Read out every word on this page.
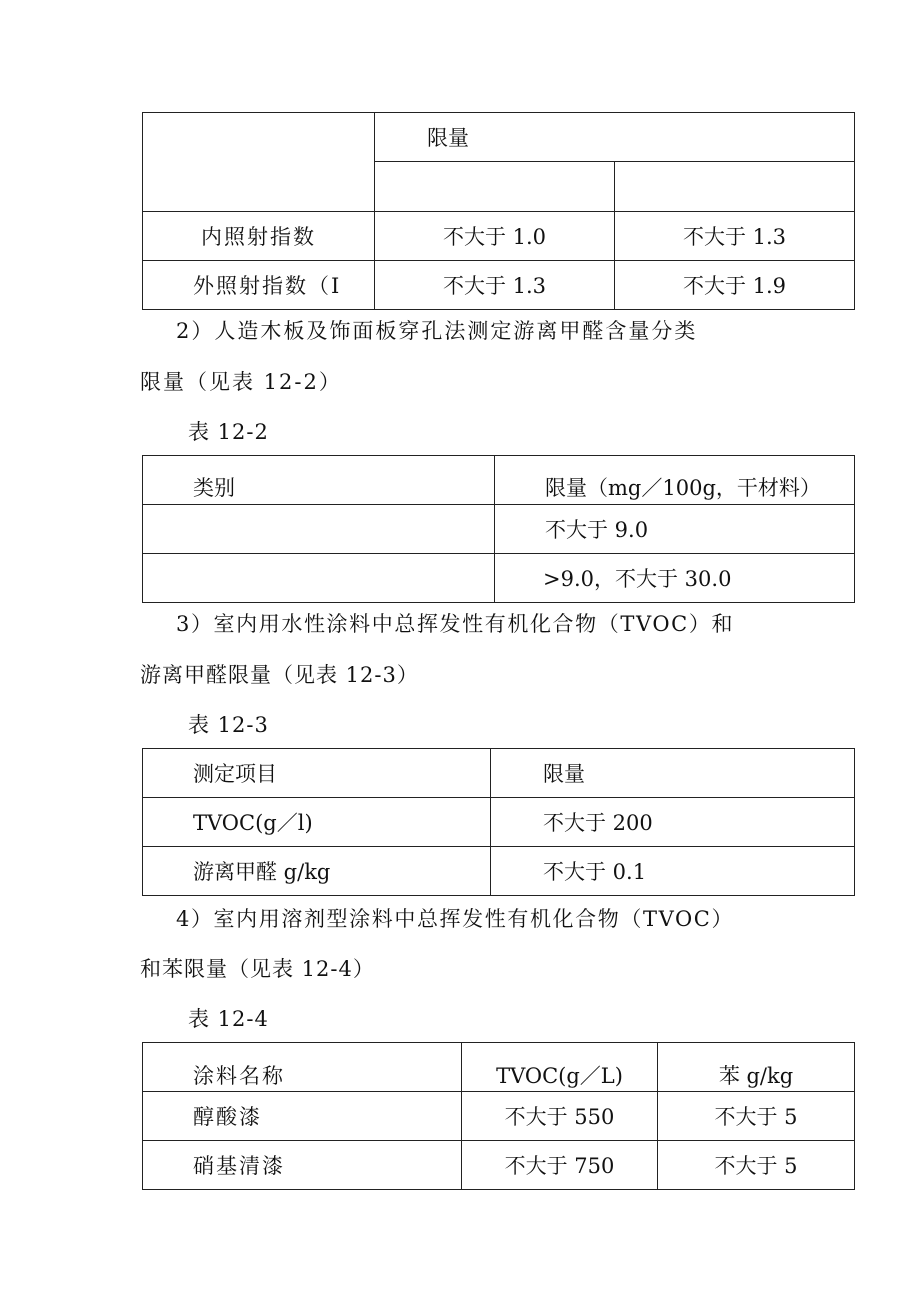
	限量	

内照射指数	不大于 1.0	不大于 1.3
外照射指数（I	不大于 1.3	不大于 1.9
2）人造木板及饰面板穿孔法测定游离甲醛含量分类
限量（见表 12-2）
表 12-2
类别	限量（mg／100g，干材料）
	不大于 9.0
	>9.0，不大于 30.0
3）室内用水性涂料中总挥发性有机化合物（TVOC）和
游离甲醛限量（见表 12-3）
表 12-3
测定项目	限量
TVOC(g／l)	不大于 200
游离甲醛 g/kg	不大于 0.1
4）室内用溶剂型涂料中总挥发性有机化合物（TVOC）
和苯限量（见表 12-4）
表 12-4
涂料名称	TVOC(g／L)	苯 g/kg
醇酸漆	不大于 550	不大于 5
硝基清漆	不大于 750	不大于 5
